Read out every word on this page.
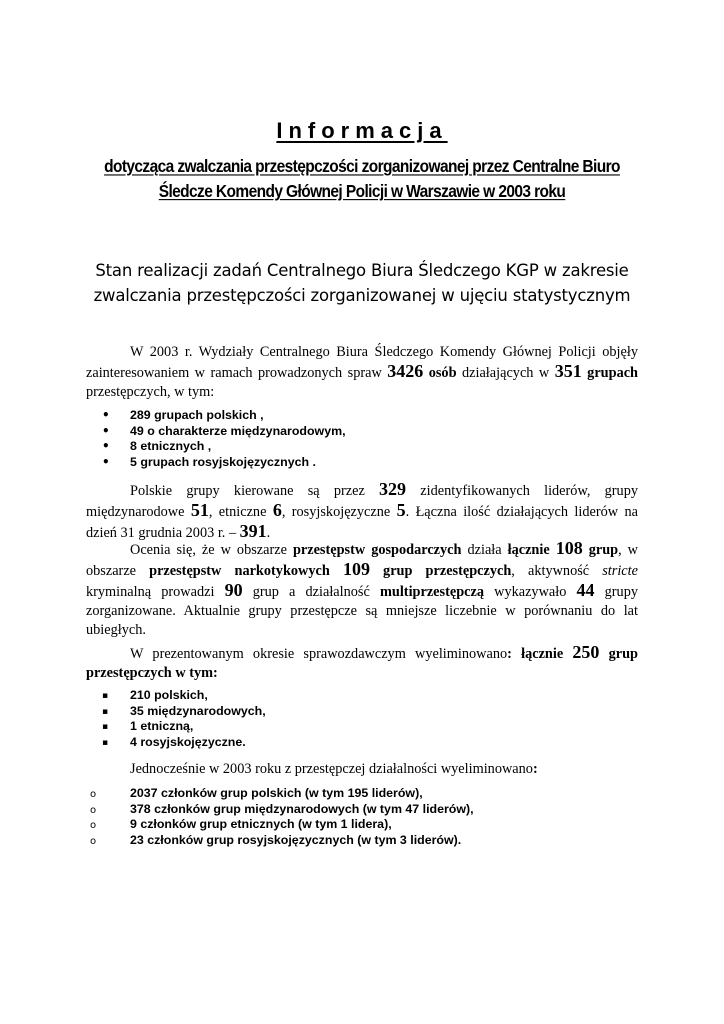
Informacja
dotycząca zwalczania przestępczości zorganizowanej przez Centralne Biuro
Śledcze Komendy Głównej Policji w Warszawie w 2003 roku
Stan realizacji zadań Centralnego Biura Śledczego KGP w zakresie
zwalczania przestępczości zorganizowanej w ujęciu statystycznym
W 2003 r. Wydziały Centralnego Biura Śledczego Komendy Głównej Policji objęły zainteresowaniem w ramach prowadzonych spraw 3426 osób działających w 351 grupach przestępczych, w tym:
• 289 grupach polskich ,
• 49 o charakterze międzynarodowym,
• 8 etnicznych ,
• 5 grupach rosyjskojęzycznych .
Polskie grupy kierowane są przez 329 zidentyfikowanych liderów, grupy międzynarodowe 51, etniczne 6, rosyjskojęzyczne 5. Łączna ilość działających liderów na dzień 31 grudnia 2003 r. – 391.
Ocenia się, że w obszarze przestępstw gospodarczych działa łącznie 108 grup, w obszarze przestępstw narkotykowych 109 grup przestępczych, aktywność stricte kryminalną prowadzi 90 grup a działalność multiprzestępczą wykazywało 44 grupy zorganizowane. Aktualnie grupy przestępcze są mniejsze liczebnie w porównaniu do lat ubiegłych.
W prezentowanym okresie sprawozdawczym wyeliminowano: łącznie 250 grup przestępczych w tym:
▪ 210 polskich,
▪ 35 międzynarodowych,
▪ 1 etniczną,
▪ 4 rosyjskojęzyczne.
Jednocześnie w 2003 roku z przestępczej działalności wyeliminowano:
o	2037 członków grup polskich (w tym 195 liderów),
o	378 członków grup międzynarodowych (w tym 47 liderów),
o	9 członków grup etnicznych (w tym 1 lidera),
o	23 członków grup rosyjskojęzycznych (w tym 3 liderów).
